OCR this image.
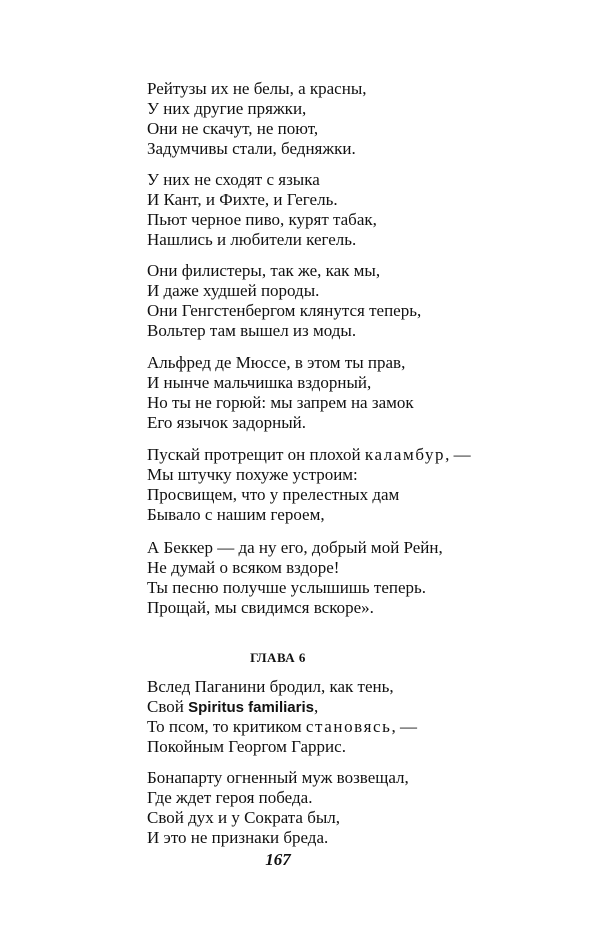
Рейтузы их не белы, а красны,

У них другие пряжки,

Они не скачут, не поют,

Задумчивы стали, бедняжки.

У них не сходят с языка

И Кант, и Фихте, и Гегель.

Пьют черное пиво, курят табак,

Нашлись и любители кегель.

Они филистеры, так же, как мы,

И даже худшей породы.

Они Генгстенбергом клянутся теперь,

Вольтер там вышел из моды.

Альфред де Мюссе, в этом ты прав,

И нынче мальчишка вздорный,

Но ты не горюй: мы запрем на замок

Его язычок задорный.

Пускай протрещит он плохой каламбур, —

Мы штучку похуже устроим:

Просвищем, что у прелестных дам

Бывало с нашим героем,

А Беккер — да ну его, добрый мой Рейн,

Не думай о всяком вздоре!

Ты песню получше услышишь теперь.

Прощай, мы свидимся вскоре».

ГЛАВА 6

Вслед Паганини бродил, как тень,

Свой Spiritus familiaris,

То псом, то критиком становясь, —

Покойным Георгом Гаррис.

Бонапарту огненный муж возвещал,

Где ждет героя победа.

Свой дух и у Сократа был,

И это не признаки бреда.

167
